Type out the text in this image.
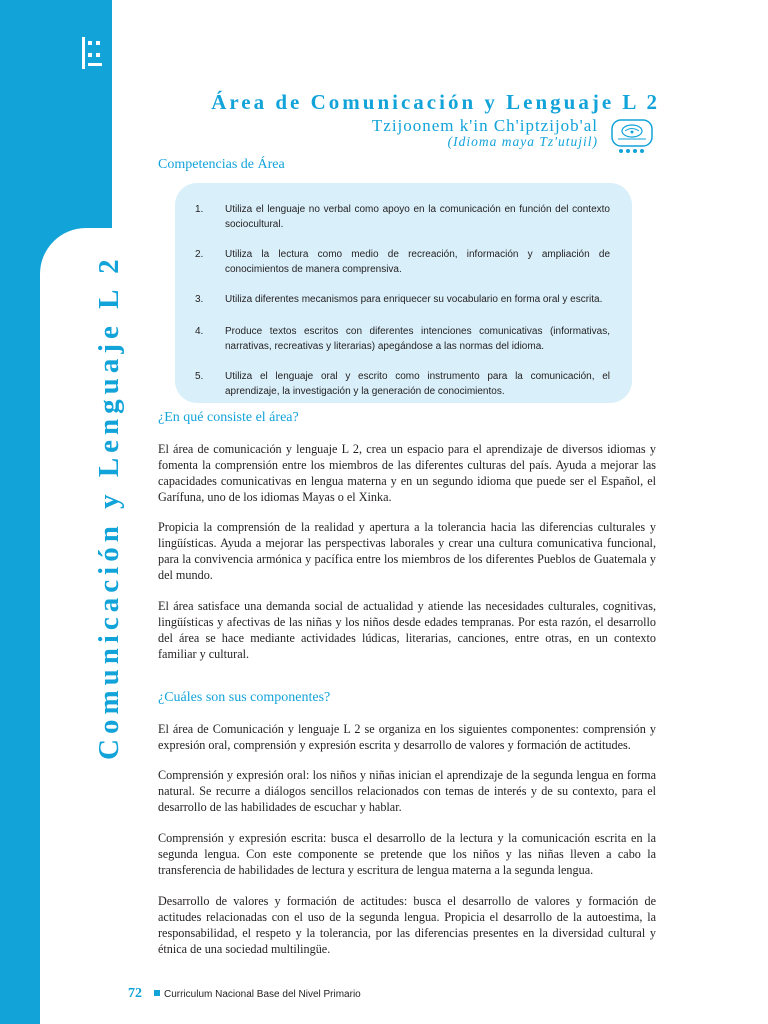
Comunicación y Lenguaje L 2
Área de Comunicación y Lenguaje L 2
Tzijoonem k'in Ch'iptzijob'al
(Idioma maya Tz'utujil)
Competencias de Área
1.	Utiliza el lenguaje no verbal como apoyo en la comunicación en función del contexto sociocultural.
2.	Utiliza la lectura como medio de recreación, información y ampliación de conocimientos de manera comprensiva.
3.	Utiliza diferentes mecanismos para enriquecer su vocabulario en forma oral y escrita.
4.	Produce textos escritos con diferentes intenciones comunicativas (informativas, narrativas, recreativas y literarias) apegándose a las normas del idioma.
5.	Utiliza el lenguaje oral y escrito como instrumento para la comunicación, el aprendizaje, la investigación y la generación de conocimientos.
¿En qué consiste el área?

El área de comunicación y lenguaje L 2, crea un espacio para el aprendizaje de diversos idiomas y fomenta la comprensión entre los miembros de las diferentes culturas del país. Ayuda a mejorar las capacidades comunicativas en lengua materna y en un segundo idioma que puede ser el Español, el Garífuna, uno de los idiomas Mayas o el Xinka.

Propicia la comprensión de la realidad y apertura a la tolerancia hacia las diferencias culturales y lingüísticas. Ayuda a mejorar las perspectivas laborales y crear una cultura comunicativa funcional, para la convivencia armónica y pacífica entre los miembros de los diferentes Pueblos de Guatemala y del mundo.

El área satisface una demanda social de actualidad y atiende las necesidades culturales, cognitivas, lingüísticas y afectivas de las niñas y los niños desde edades tempranas. Por esta razón, el desarrollo del área se hace mediante actividades lúdicas, literarias, canciones, entre otras, en un contexto familiar y cultural.

¿Cuáles son sus componentes?

El área de Comunicación y lenguaje L 2 se organiza en los siguientes componentes: comprensión y expresión oral, comprensión y expresión escrita y desarrollo de valores y formación de actitudes.

Comprensión y expresión oral: los niños y niñas inician el aprendizaje de la segunda lengua en forma natural. Se recurre a diálogos sencillos relacionados con temas de interés y de su contexto, para el desarrollo de las habilidades de escuchar y hablar.

Comprensión y expresión escrita: busca el desarrollo de la lectura y la comunicación escrita en la segunda lengua. Con este componente se pretende que los niños y las niñas lleven a cabo la transferencia de habilidades de lectura y escritura de lengua materna a la segunda lengua.

Desarrollo de valores y formación de actitudes: busca el desarrollo de valores y formación de actitudes relacionadas con el uso de la segunda lengua. Propicia el desarrollo de la autoestima, la responsabilidad, el respeto y la tolerancia, por las diferencias presentes en la diversidad cultural y étnica de una sociedad multilingüe.

72 Curriculum Nacional Base del Nivel Primario
